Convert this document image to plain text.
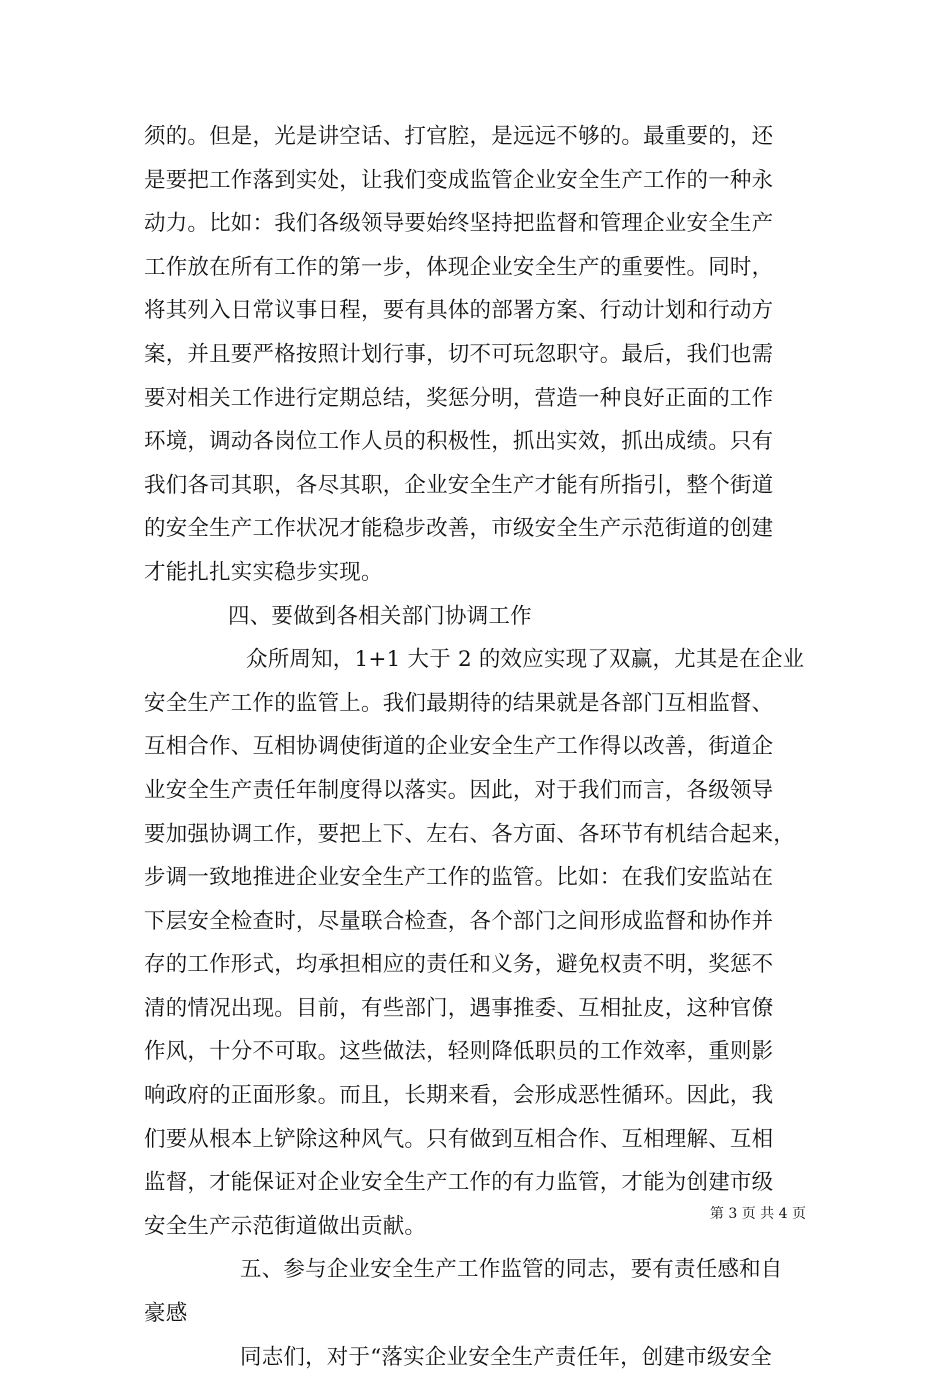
须的。但是，光是讲空话、打官腔，是远远不够的。最重要的，还
是要把工作落到实处，让我们变成监管企业安全生产工作的一种永
动力。比如：我们各级领导要始终坚持把监督和管理企业安全生产
工作放在所有工作的第一步，体现企业安全生产的重要性。同时，
将其列入日常议事日程，要有具体的部署方案、行动计划和行动方
案，并且要严格按照计划行事，切不可玩忽职守。最后，我们也需
要对相关工作进行定期总结，奖惩分明，营造一种良好正面的工作
环境，调动各岗位工作人员的积极性，抓出实效，抓出成绩。只有
我们各司其职，各尽其职，企业安全生产才能有所指引，整个街道
的安全生产工作状况才能稳步改善，市级安全生产示范街道的创建
才能扎扎实实稳步实现。
四、要做到各相关部门协调工作
众所周知，1+1 大于 2 的效应实现了双赢，尤其是在企业
安全生产工作的监管上。我们最期待的结果就是各部门互相监督、
互相合作、互相协调使街道的企业安全生产工作得以改善，街道企
业安全生产责任年制度得以落实。因此，对于我们而言，各级领导
要加强协调工作，要把上下、左右、各方面、各环节有机结合起来，
步调一致地推进企业安全生产工作的监管。比如：在我们安监站在
下层安全检查时，尽量联合检查，各个部门之间形成监督和协作并
存的工作形式，均承担相应的责任和义务，避免权责不明，奖惩不
清的情况出现。目前，有些部门，遇事推委、互相扯皮，这种官僚
作风，十分不可取。这些做法，轻则降低职员的工作效率，重则影
响政府的正面形象。而且，长期来看，会形成恶性循环。因此，我
们要从根本上铲除这种风气。只有做到互相合作、互相理解、互相
监督，才能保证对企业安全生产工作的有力监管，才能为创建市级
安全生产示范街道做出贡献。
五、参与企业安全生产工作监管的同志，要有责任感和自
豪感
同志们，对于“落实企业安全生产责任年，创建市级安全
第 3 页 共 4 页
